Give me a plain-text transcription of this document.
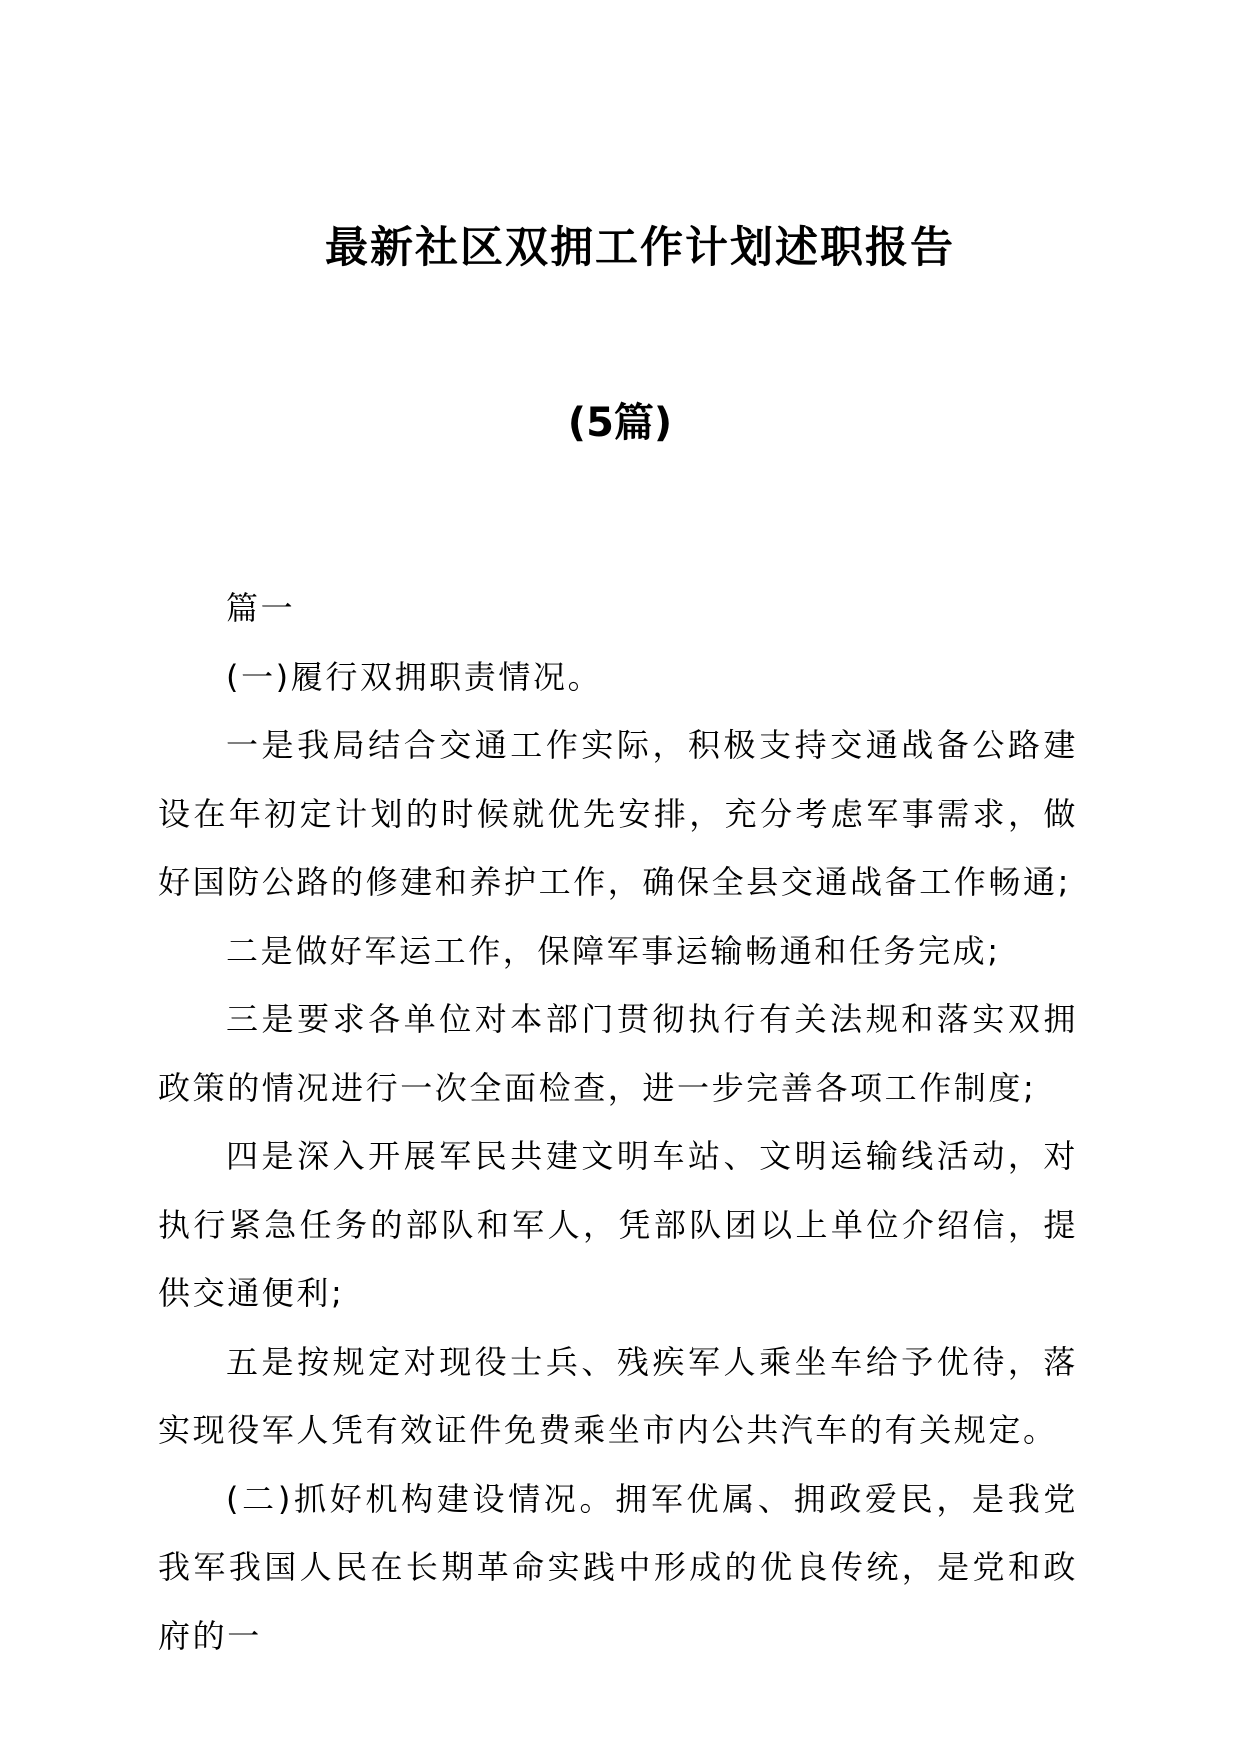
最新社区双拥工作计划述职报告
(5篇)

篇一

(一)履行双拥职责情况。

一是我局结合交通工作实际，积极支持交通战备公路建设在年初定计划的时候就优先安排，充分考虑军事需求，做好国防公路的修建和养护工作，确保全县交通战备工作畅通;

二是做好军运工作，保障军事运输畅通和任务完成;

三是要求各单位对本部门贯彻执行有关法规和落实双拥政策的情况进行一次全面检查，进一步完善各项工作制度;

四是深入开展军民共建文明车站、文明运输线活动，对执行紧急任务的部队和军人，凭部队团以上单位介绍信，提供交通便利;

五是按规定对现役士兵、残疾军人乘坐车给予优待，落实现役军人凭有效证件免费乘坐市内公共汽车的有关规定。

(二)抓好机构建设情况。拥军优属、拥政爱民，是我党我军我国人民在长期革命实践中形成的优良传统，是党和政府的一
